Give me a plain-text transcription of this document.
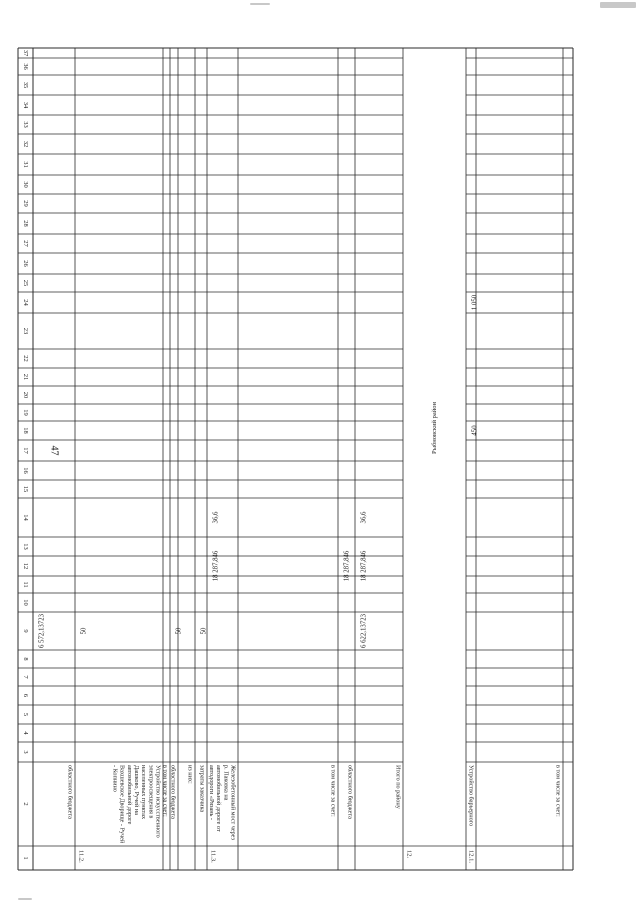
47
1
2
3
4
5
6
7
8
9
10
11
12
13
14
15
16
17
18
19
20
21
22
23
24
25
26
27
28
29
30
31
32
33
34
35
36
37
областного бюджета
6 572,13723
11.2.
Устройство искусственного
электроосвещения в
населенных пунктах
Дашково, Ручей на
автомобильной дороге
Вахшевское Дворище - Ручей
- Копнино
50
в том числе за счет: областного бюджета
50
из них: затраты заказчика
50
11.3.
Железобетонный мост через
р. Паковка на
автомобильной дороге от
автодороги «Рязань -
18 287,846
36,6
в том числе за счет: областного бюджета
18 287,846
Итого по району
6 622,13723
18 287,846
36,6
12.
Рыбновский район
12.1.
Устройство барьерного
450
1 050
в том числе за счет:
